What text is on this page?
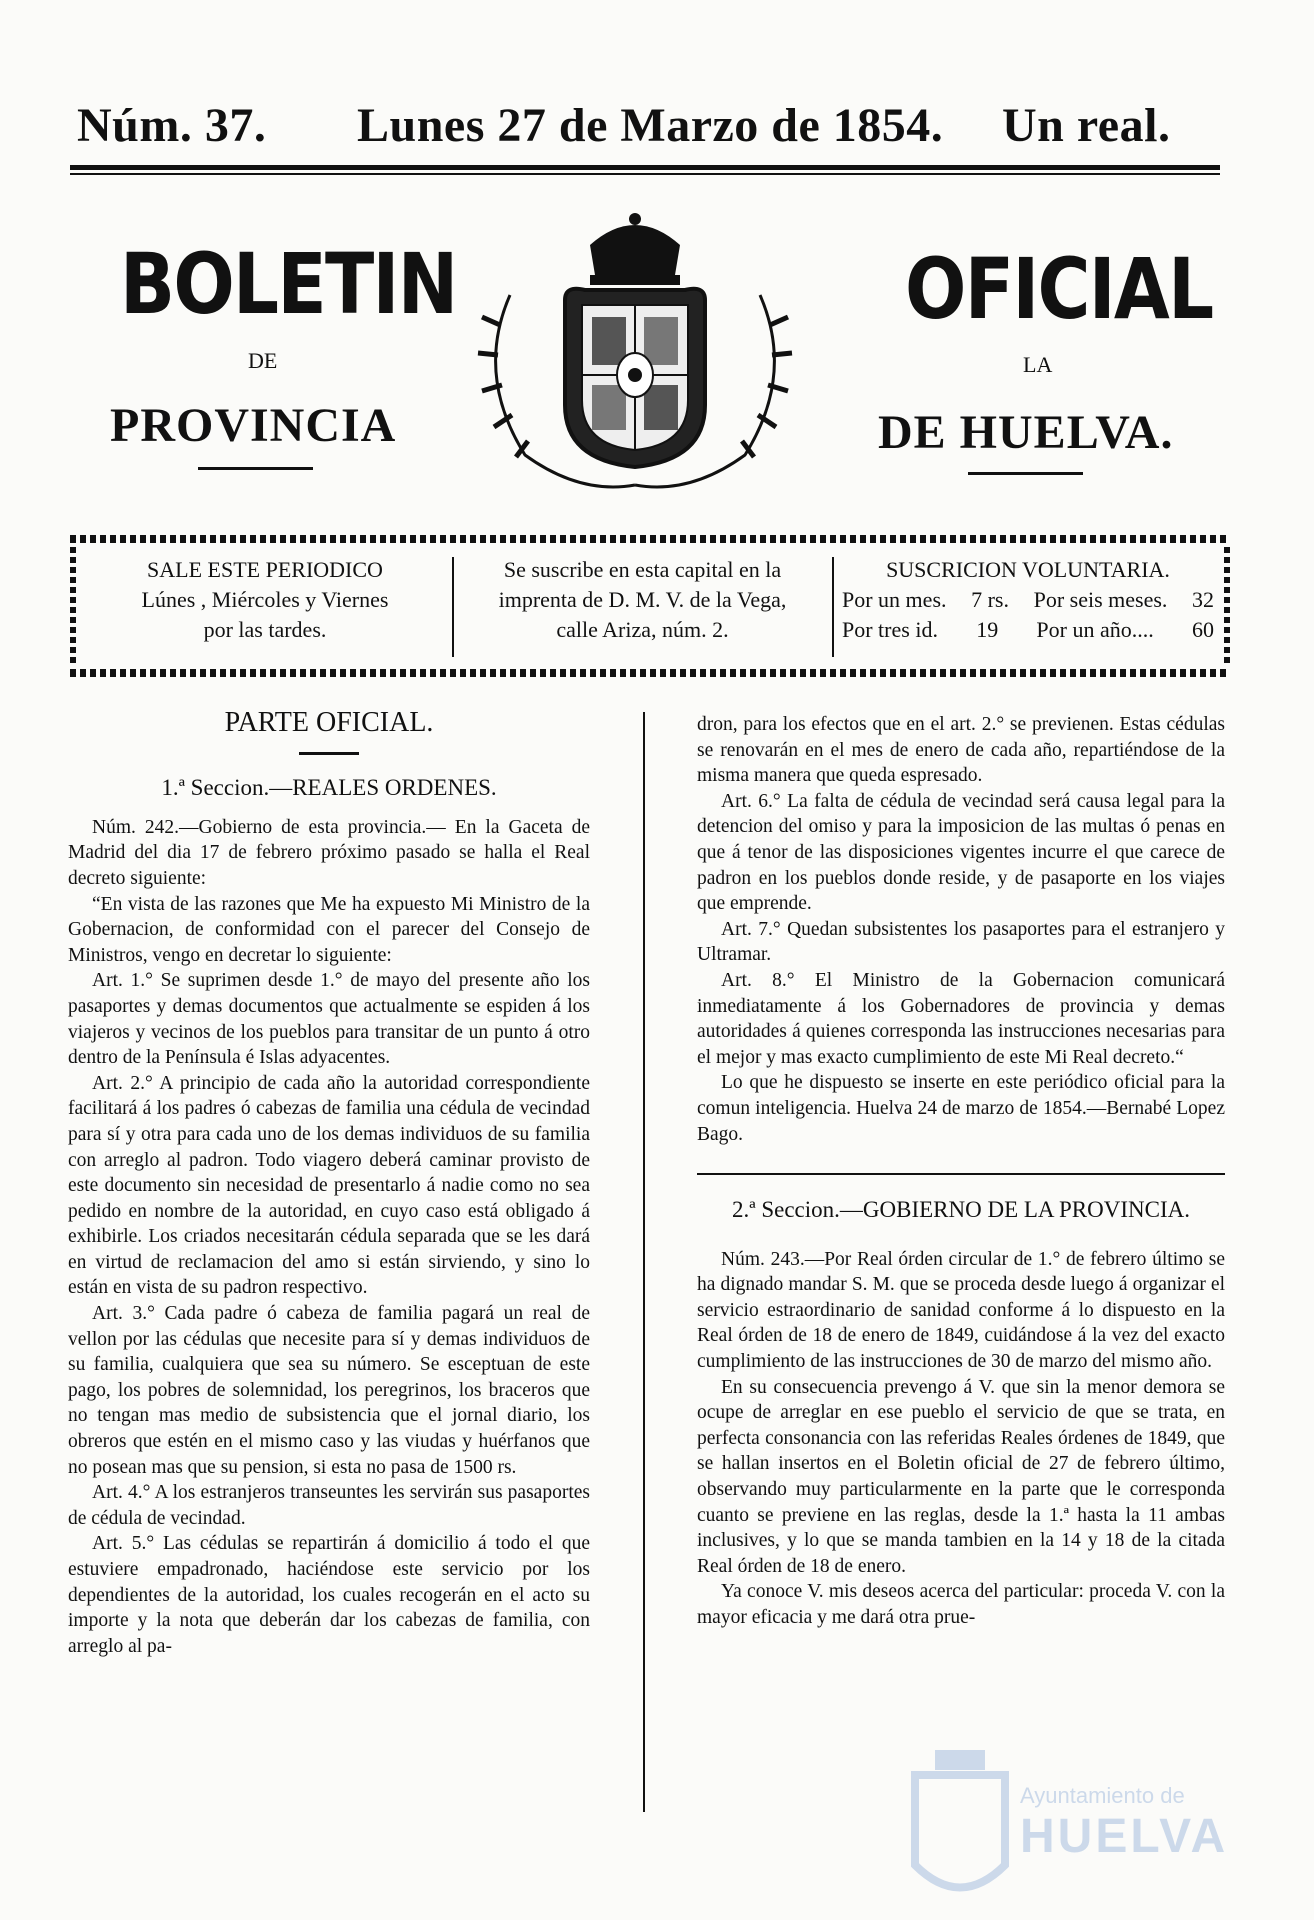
Núm. 37. Lunes 27 de Marzo de 1854. Un real.
BOLETIN	OFICIAL
DE	LA
PROVINCIA	DE HUELVA.
SALE ESTE PERIODICO
Lúnes , Miércoles y Viernes
por las tardes.
Se suscribe en esta capital en la
imprenta de D. M. V. de la Vega,
calle Ariza, núm. 2.
SUSCRICION VOLUNTARIA.
Por un mes. 7 rs. Por seis meses. 32
Por tres id. 19 Por un año.... 60
PARTE OFICIAL.
1.ª Seccion.—REALES ORDENES.

Núm. 242.—Gobierno de esta provincia.— En la Gaceta de Madrid del dia 17 de febrero próximo pasado se halla el Real decreto siguiente:

“En vista de las razones que Me ha expuesto Mi Ministro de la Gobernacion, de conformidad con el parecer del Consejo de Ministros, vengo en decretar lo siguiente:

Art. 1.° Se suprimen desde 1.° de mayo del presente año los pasaportes y demas documentos que actualmente se espiden á los viajeros y vecinos de los pueblos para transitar de un punto á otro dentro de la Península é Islas adyacentes.

Art. 2.° A principio de cada año la autoridad correspondiente facilitará á los padres ó cabezas de familia una cédula de vecindad para sí y otra para cada uno de los demas individuos de su familia con arreglo al padron. Todo viagero deberá caminar provisto de este documento sin necesidad de presentarlo á nadie como no sea pedido en nombre de la autoridad, en cuyo caso está obligado á exhibirle. Los criados necesitarán cédula separada que se les dará en virtud de reclamacion del amo si están sirviendo, y sino lo están en vista de su padron respectivo.

Art. 3.° Cada padre ó cabeza de familia pagará un real de vellon por las cédulas que necesite para sí y demas individuos de su familia, cualquiera que sea su número. Se esceptuan de este pago, los pobres de solemnidad, los peregrinos, los braceros que no tengan mas medio de subsistencia que el jornal diario, los obreros que estén en el mismo caso y las viudas y huérfanos que no posean mas que su pension, si esta no pasa de 1500 rs.

Art. 4.° A los estranjeros transeuntes les servirán sus pasaportes de cédula de vecindad.

Art. 5.° Las cédulas se repartirán á domicilio á todo el que estuviere empadronado, haciéndose este servicio por los dependientes de la autoridad, los cuales recogerán en el acto su importe y la nota que deberán dar los cabezas de familia, con arreglo al pa-

dron, para los efectos que en el art. 2.° se previenen. Estas cédulas se renovarán en el mes de enero de cada año, repartiéndose de la misma manera que queda espresado.

Art. 6.° La falta de cédula de vecindad será causa legal para la detencion del omiso y para la imposicion de las multas ó penas en que á tenor de las disposiciones vigentes incurre el que carece de padron en los pueblos donde reside, y de pasaporte en los viajes que emprende.

Art. 7.° Quedan subsistentes los pasaportes para el estranjero y Ultramar.

Art. 8.° El Ministro de la Gobernacion comunicará inmediatamente á los Gobernadores de provincia y demas autoridades á quienes corresponda las instrucciones necesarias para el mejor y mas exacto cumplimiento de este Mi Real decreto.“

Lo que he dispuesto se inserte en este periódico oficial para la comun inteligencia. Huelva 24 de marzo de 1854.—Bernabé Lopez Bago.

2.ª Seccion.—GOBIERNO DE LA PROVINCIA.

Núm. 243.—Por Real órden circular de 1.° de febrero último se ha dignado mandar S. M. que se proceda desde luego á organizar el servicio estraordinario de sanidad conforme á lo dispuesto en la Real órden de 18 de enero de 1849, cuidándose á la vez del exacto cumplimiento de las instrucciones de 30 de marzo del mismo año.

En su consecuencia prevengo á V. que sin la menor demora se ocupe de arreglar en ese pueblo el servicio de que se trata, en perfecta consonancia con las referidas Reales órdenes de 1849, que se hallan insertos en el Boletin oficial de 27 de febrero último, observando muy particularmente en la parte que le corresponda cuanto se previene en las reglas, desde la 1.ª hasta la 11 ambas inclusives, y lo que se manda tambien en la 14 y 18 de la citada Real órden de 18 de enero.

Ya conoce V. mis deseos acerca del particular: proceda V. con la mayor eficacia y me dará otra prue-

Ayuntamiento de
HUELVA
